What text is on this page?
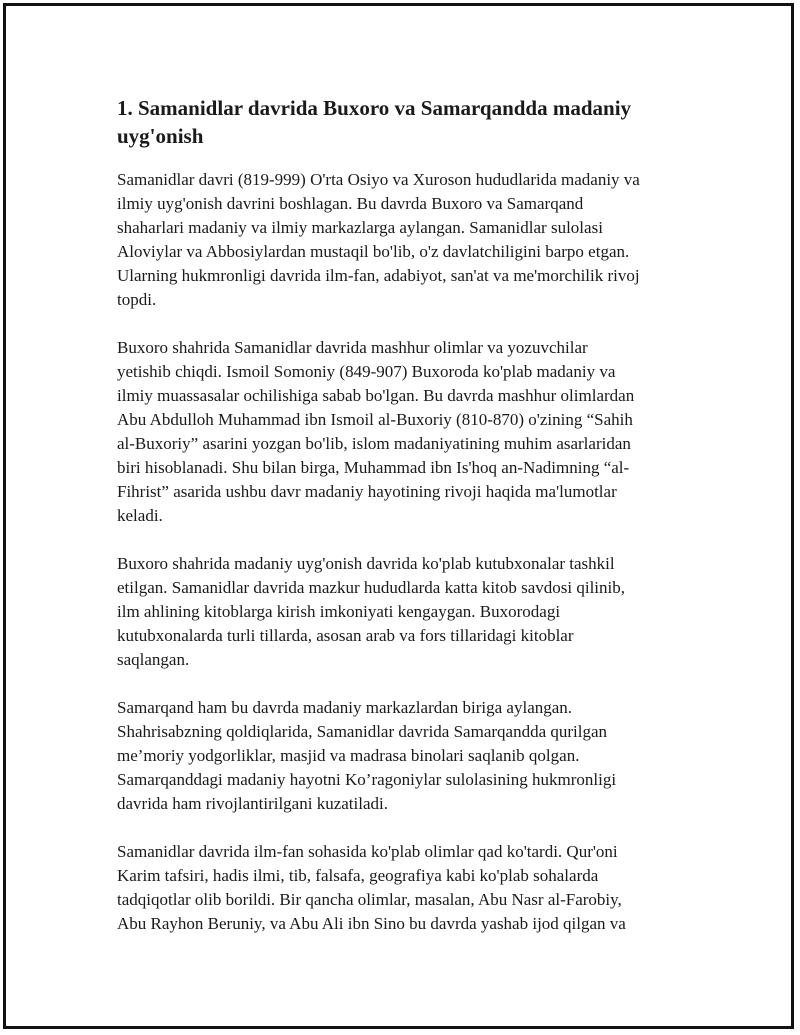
1. Samanidlar davrida Buxoro va Samarqandda madaniy
uyg'onish

Samanidlar davri (819-999) O'rta Osiyo va Xuroson hududlarida madaniy va
ilmiy uyg'onish davrini boshlagan. Bu davrda Buxoro va Samarqand
shaharlari madaniy va ilmiy markazlarga aylangan. Samanidlar sulolasi
Aloviylar va Abbosiylardan mustaqil bo'lib, o'z davlatchiligini barpo etgan.
Ularning hukmronligi davrida ilm-fan, adabiyot, san'at va me'morchilik rivoj
topdi.

Buxoro shahrida Samanidlar davrida mashhur olimlar va yozuvchilar
yetishib chiqdi. Ismoil Somoniy (849-907) Buxoroda ko'plab madaniy va
ilmiy muassasalar ochilishiga sabab bo'lgan. Bu davrda mashhur olimlardan
Abu Abdulloh Muhammad ibn Ismoil al-Buxoriy (810-870) o'zining “Sahih
al-Buxoriy” asarini yozgan bo'lib, islom madaniyatining muhim asarlaridan
biri hisoblanadi. Shu bilan birga, Muhammad ibn Is'hoq an-Nadimning “al-
Fihrist” asarida ushbu davr madaniy hayotining rivoji haqida ma'lumotlar
keladi.

Buxoro shahrida madaniy uyg'onish davrida ko'plab kutubxonalar tashkil
etilgan. Samanidlar davrida mazkur hududlarda katta kitob savdosi qilinib,
ilm ahlining kitoblarga kirish imkoniyati kengaygan. Buxorodagi
kutubxonalarda turli tillarda, asosan arab va fors tillaridagi kitoblar
saqlangan.

Samarqand ham bu davrda madaniy markazlardan biriga aylangan.
Shahrisabzning qoldiqlarida, Samanidlar davrida Samarqandda qurilgan
me’moriy yodgorliklar, masjid va madrasa binolari saqlanib qolgan.
Samarqanddagi madaniy hayotni Ko’ragoniylar sulolasining hukmronligi
davrida ham rivojlantirilgani kuzatiladi.

Samanidlar davrida ilm-fan sohasida ko'plab olimlar qad ko'tardi. Qur'oni
Karim tafsiri, hadis ilmi, tib, falsafa, geografiya kabi ko'plab sohalarda
tadqiqotlar olib borildi. Bir qancha olimlar, masalan, Abu Nasr al-Farobiy,
Abu Rayhon Beruniy, va Abu Ali ibn Sino bu davrda yashab ijod qilgan va
